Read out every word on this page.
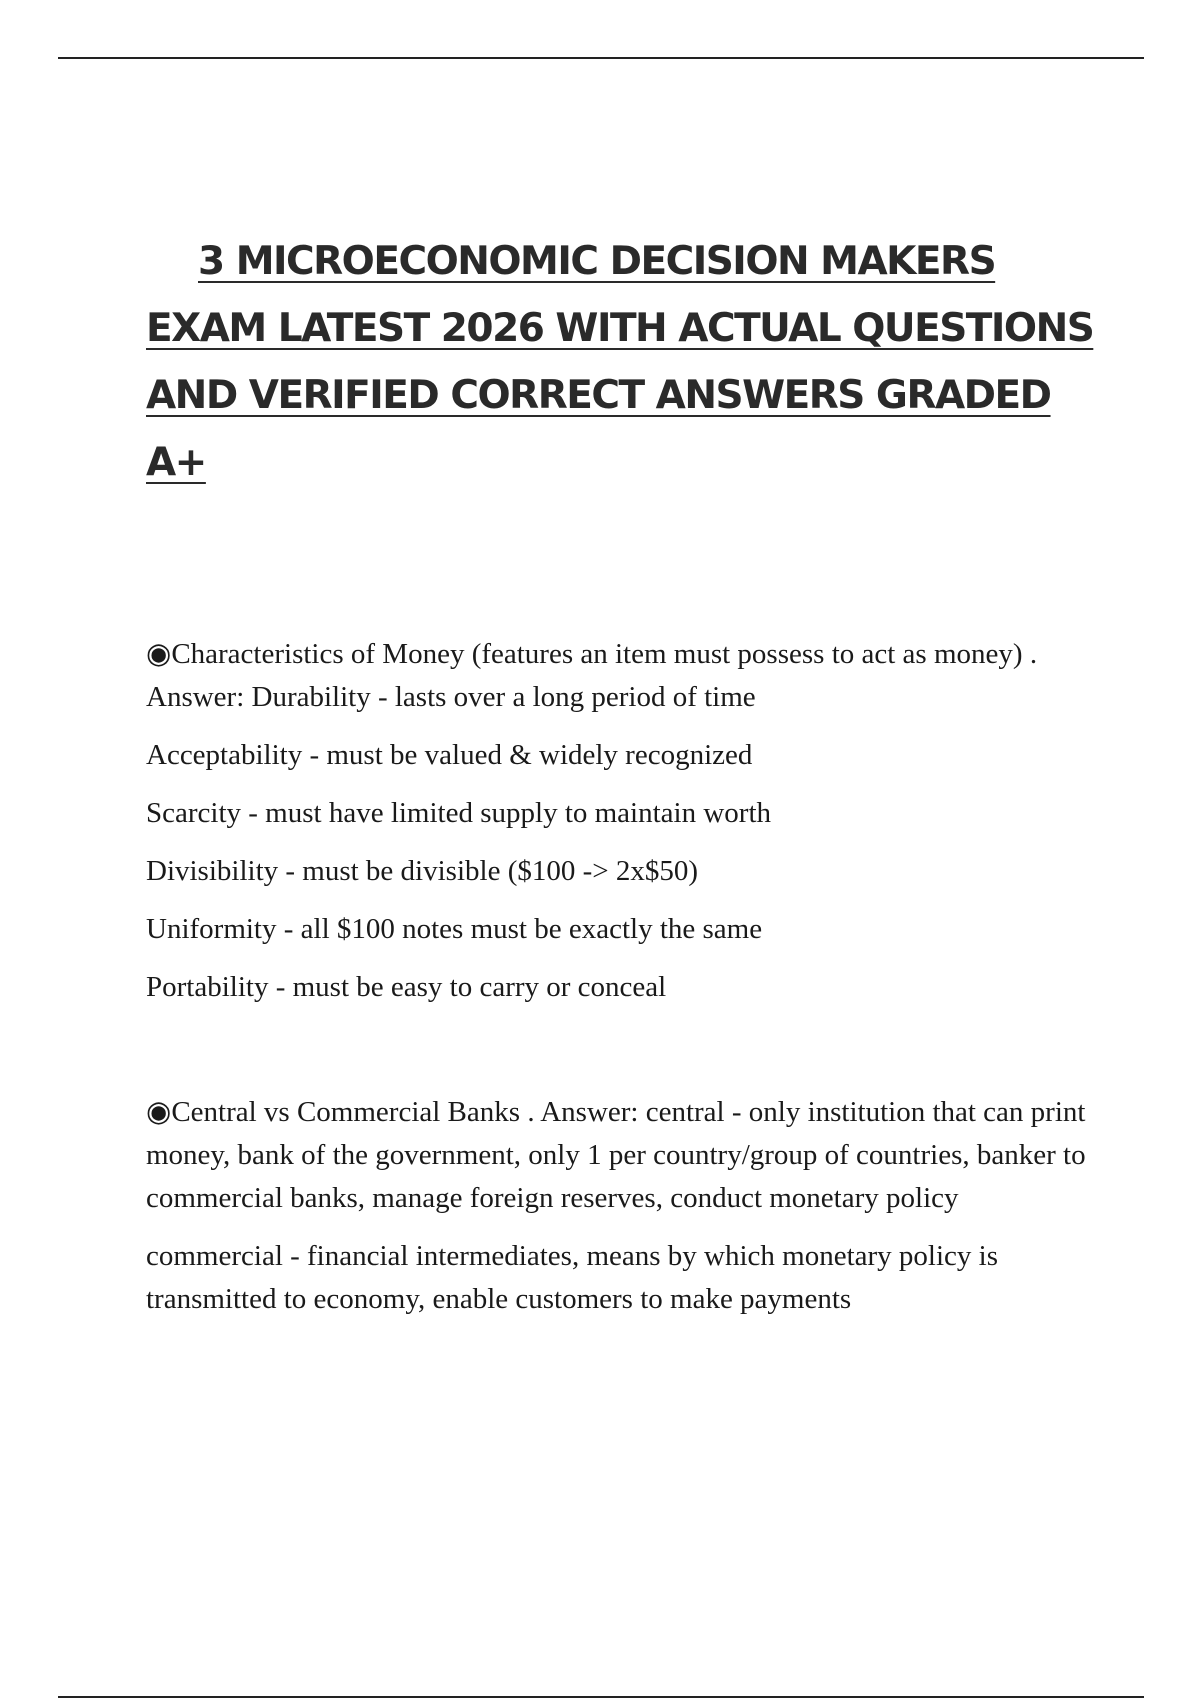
3 MICROECONOMIC DECISION MAKERS EXAM LATEST 2026 WITH ACTUAL QUESTIONS AND VERIFIED CORRECT ANSWERS GRADED A+

◉Characteristics of Money (features an item must possess to act as money) . Answer: Durability - lasts over a long period of time

Acceptability - must be valued & widely recognized

Scarcity - must have limited supply to maintain worth

Divisibility - must be divisible ($100 -> 2x$50)

Uniformity - all $100 notes must be exactly the same

Portability - must be easy to carry or conceal

◉Central vs Commercial Banks . Answer: central - only institution that can print money, bank of the government, only 1 per country/group of countries, banker to commercial banks, manage foreign reserves, conduct monetary policy

commercial - financial intermediates, means by which monetary policy is transmitted to economy, enable customers to make payments
